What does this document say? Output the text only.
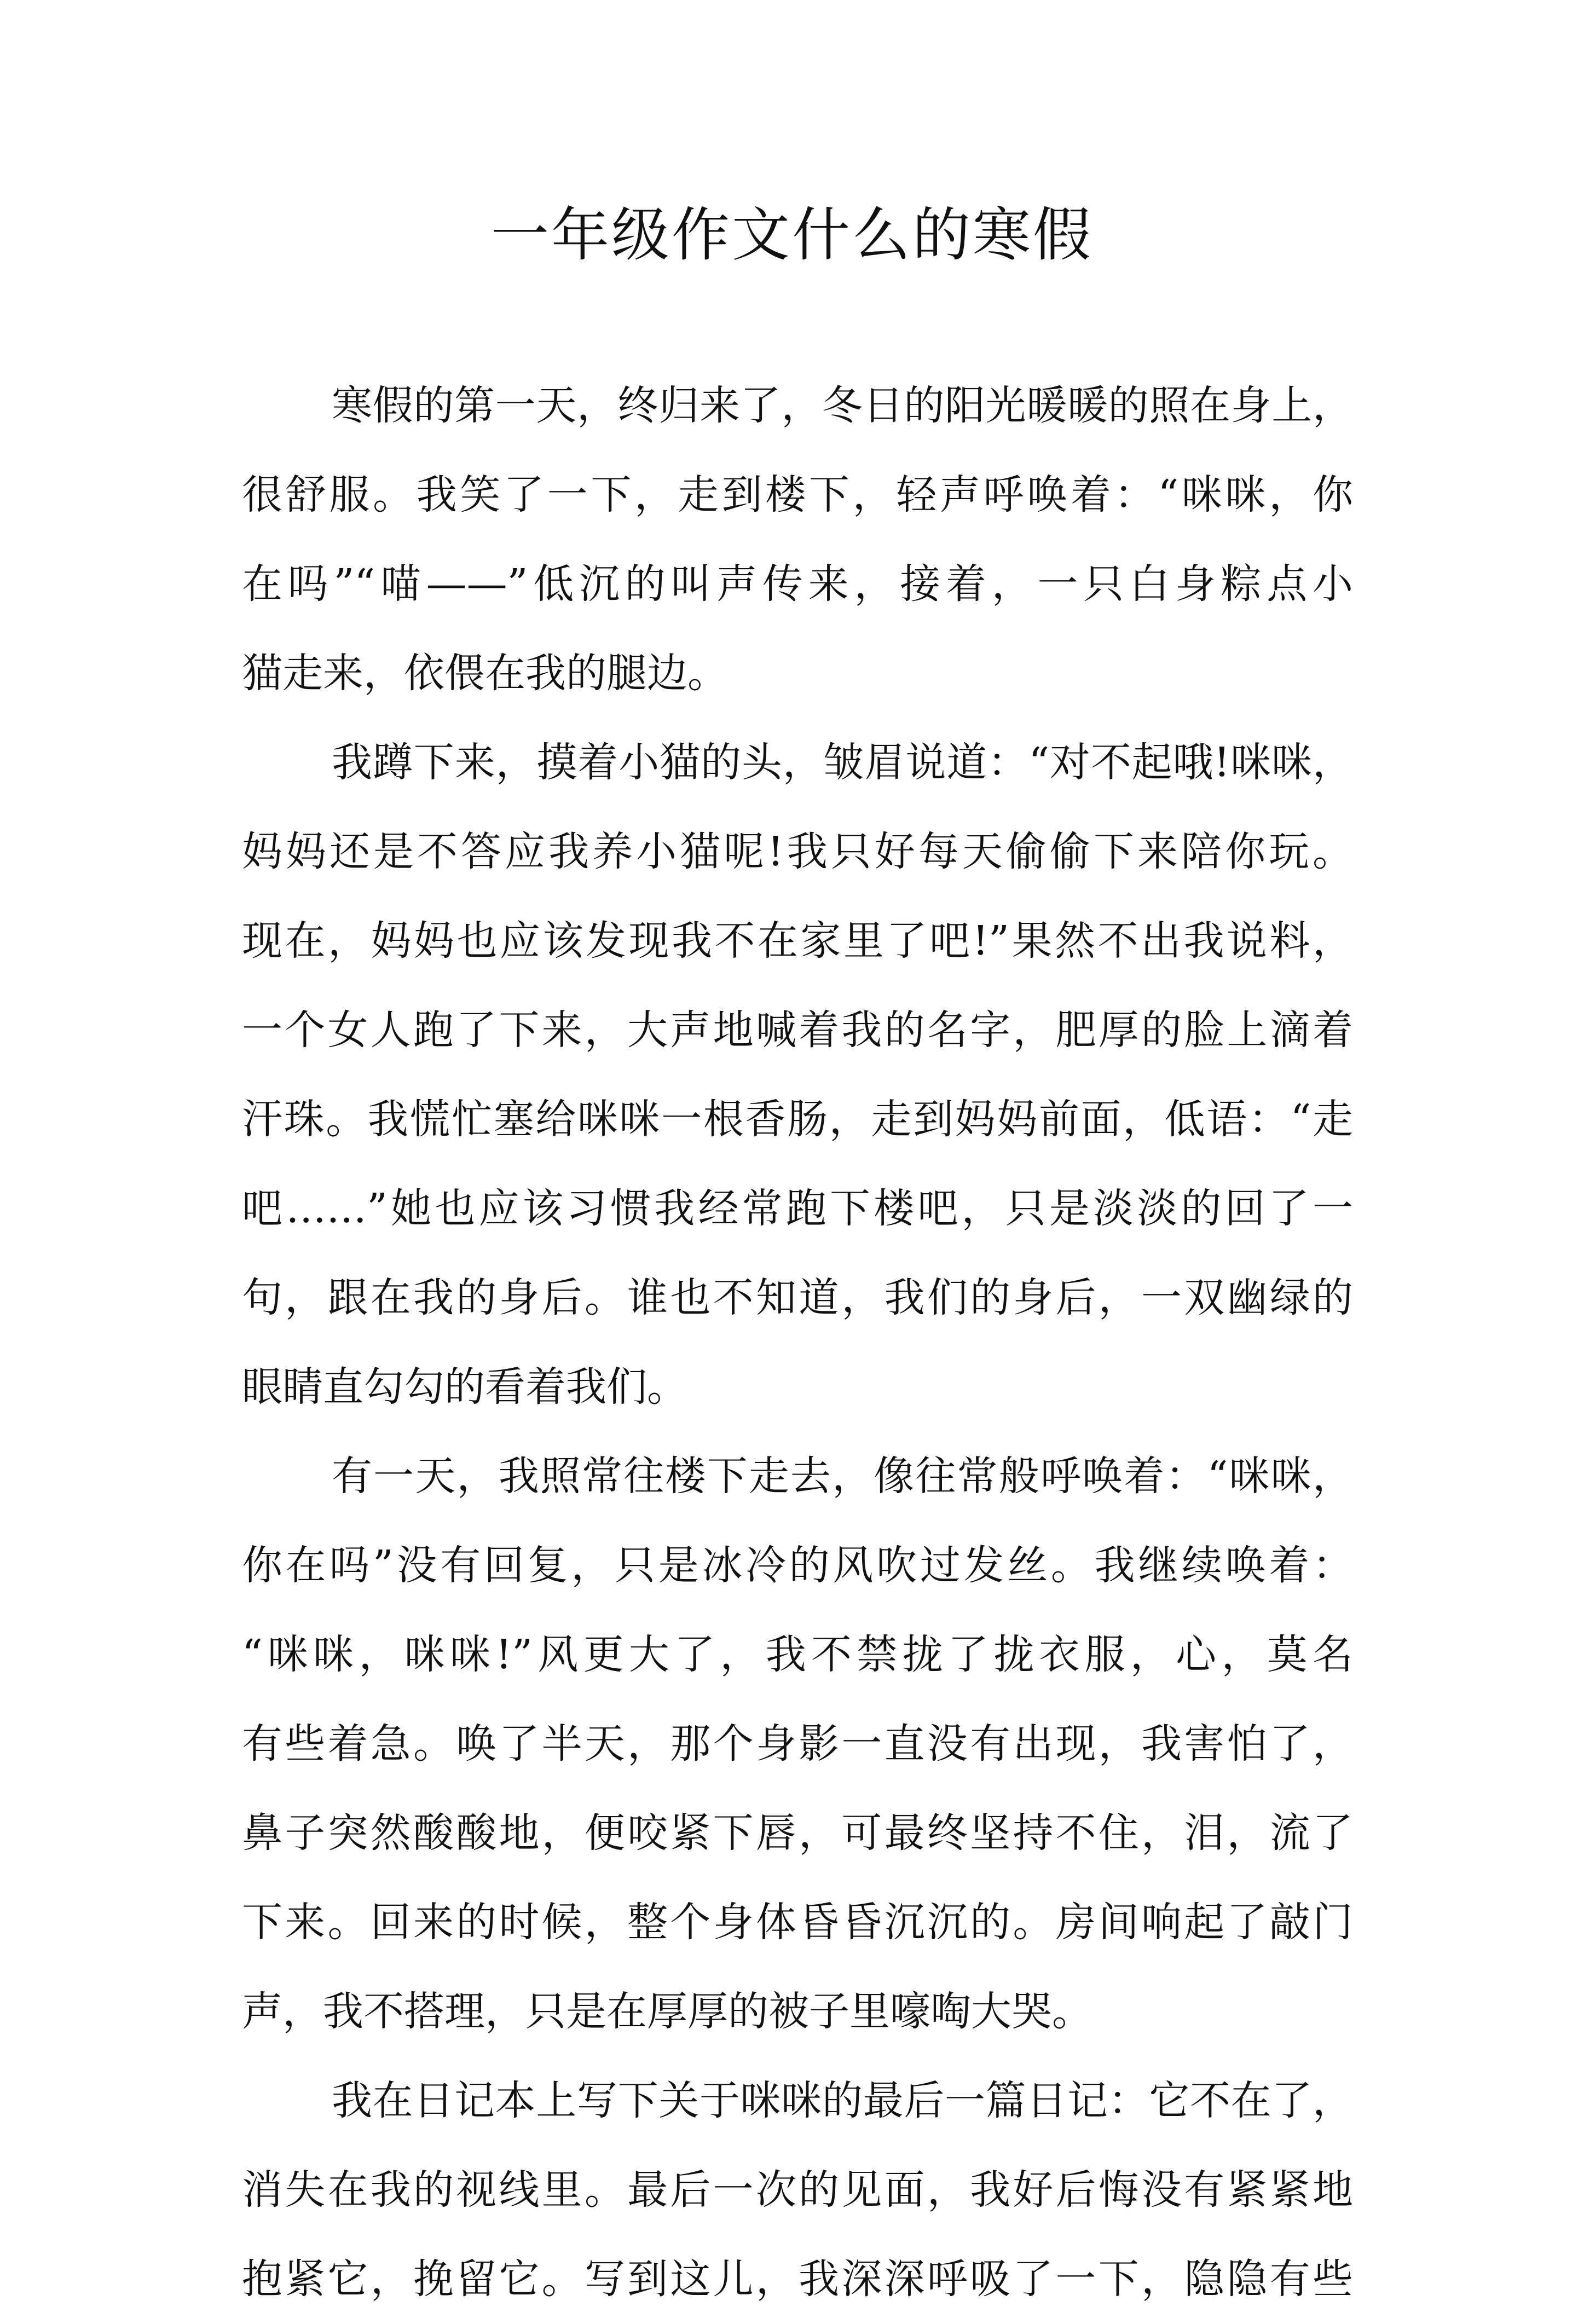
一年级作文什么的寒假
寒假的第一天，终归来了，冬日的阳光暖暖的照在身上，
很舒服。我笑了一下，走到楼下，轻声呼唤着：“咪咪，你
在吗”“喵——”低沉的叫声传来，接着，一只白身粽点小
猫走来，依偎在我的腿边。
我蹲下来，摸着小猫的头，皱眉说道：“对不起哦!咪咪，
妈妈还是不答应我养小猫呢!我只好每天偷偷下来陪你玩。
现在，妈妈也应该发现我不在家里了吧!”果然不出我说料，
一个女人跑了下来，大声地喊着我的名字，肥厚的脸上滴着
汗珠。我慌忙塞给咪咪一根香肠，走到妈妈前面，低语：“走
吧……”她也应该习惯我经常跑下楼吧，只是淡淡的回了一
句，跟在我的身后。谁也不知道，我们的身后，一双幽绿的
眼睛直勾勾的看着我们。
有一天，我照常往楼下走去，像往常般呼唤着：“咪咪，
你在吗”没有回复，只是冰冷的风吹过发丝。我继续唤着：
“咪咪，咪咪!”风更大了，我不禁拢了拢衣服，心，莫名
有些着急。唤了半天，那个身影一直没有出现，我害怕了，
鼻子突然酸酸地，便咬紧下唇，可最终坚持不住，泪，流了
下来。回来的时候，整个身体昏昏沉沉的。房间响起了敲门
声，我不搭理，只是在厚厚的被子里嚎啕大哭。
我在日记本上写下关于咪咪的最后一篇日记：它不在了，
消失在我的视线里。最后一次的见面，我好后悔没有紧紧地
抱紧它，挽留它。写到这儿，我深深呼吸了一下，隐隐有些
